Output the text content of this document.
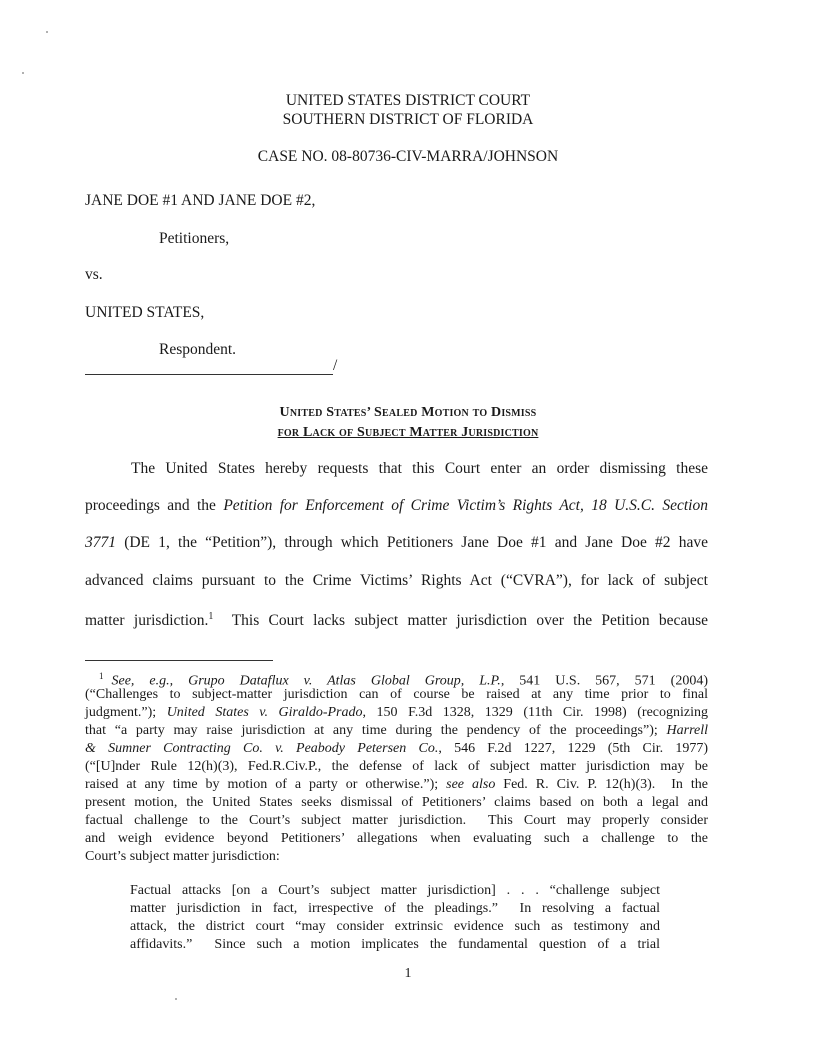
UNITED STATES DISTRICT COURT
SOUTHERN DISTRICT OF FLORIDA
CASE NO. 08-80736-CIV-MARRA/JOHNSON
JANE DOE #1 AND JANE DOE #2,
Petitioners,
vs.
UNITED STATES,
Respondent.
/
United States’ Sealed Motion to Dismiss
for Lack of Subject Matter Jurisdiction
The United States hereby requests that this Court enter an order dismissing these
proceedings and the Petition for Enforcement of Crime Victim’s Rights Act, 18 U.S.C. Section
3771 (DE 1, the “Petition”), through which Petitioners Jane Doe #1 and Jane Doe #2 have
advanced claims pursuant to the Crime Victims’ Rights Act (“CVRA”), for lack of subject
matter jurisdiction.$^1$  This Court lacks subject matter jurisdiction over the Petition because
$^1$ See, e.g., Grupo Dataflux v. Atlas Global Group, L.P., 541 U.S. 567, 571 (2004)
(“Challenges to subject-matter jurisdiction can of course be raised at any time prior to final
judgment.”); United States v. Giraldo-Prado, 150 F.3d 1328, 1329 (11th Cir. 1998) (recognizing
that “a party may raise jurisdiction at any time during the pendency of the proceedings”); Harrell
& Sumner Contracting Co. v. Peabody Petersen Co., 546 F.2d 1227, 1229 (5th Cir. 1977)
(“[U]nder Rule 12(h)(3), Fed.R.Civ.P., the defense of lack of subject matter jurisdiction may be
raised at any time by motion of a party or otherwise.”); see also Fed. R. Civ. P. 12(h)(3).  In the
present motion, the United States seeks dismissal of Petitioners’ claims based on both a legal and
factual challenge to the Court’s subject matter jurisdiction.  This Court may properly consider
and weigh evidence beyond Petitioners’ allegations when evaluating such a challenge to the
Court’s subject matter jurisdiction:
Factual attacks [on a Court’s subject matter jurisdiction] . . . “challenge subject
matter jurisdiction in fact, irrespective of the pleadings.”  In resolving a factual
attack, the district court “may consider extrinsic evidence such as testimony and
affidavits.”  Since such a motion implicates the fundamental question of a trial
1
